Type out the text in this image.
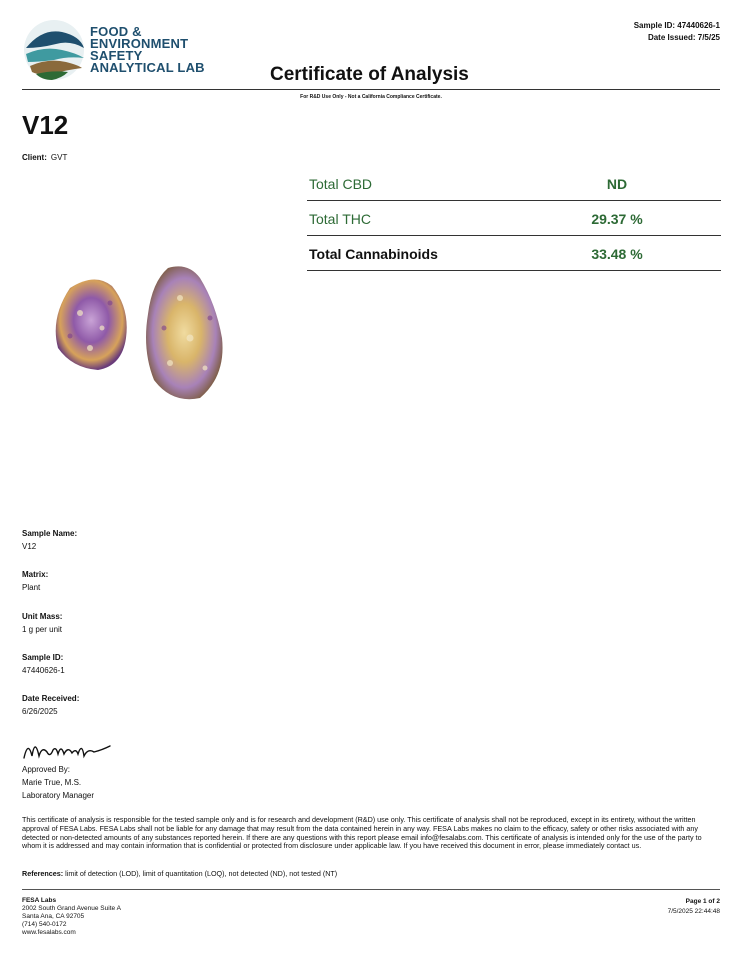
FOOD &
ENVIRONMENT
SAFETY
ANALYTICAL LAB
Sample ID: 47440626-1
Date Issued: 7/5/25
Certificate of Analysis
For R&D Use Only - Not a California Compliance Certificate.
V12
Client: GVT
Total CBD	ND
Total THC	29.37 %
Total Cannabinoids	33.48 %
Sample Name:
V12
Matrix:
Plant
Unit Mass:
1 g per unit
Sample ID:
47440626-1
Date Received:
6/26/2025
Approved By:
Marie True, M.S.
Laboratory Manager
This certificate of analysis is responsible for the tested sample only and is for research and development (R&D) use only. This certificate of analysis shall not be reproduced, except in its entirety, without the written approval of FESA Labs. FESA Labs shall not be liable for any damage that may result from the data contained herein in any way. FESA Labs makes no claim to the efficacy, safety or other risks associated with any detected or non-detected amounts of any substances reported herein. If there are any questions with this report please email info@fesalabs.com. This certificate of analysis is intended only for the use of the party to whom it is addressed and may contain information that is confidential or protected from disclosure under applicable law. If you have received this document in error, please immediately contact us.
References: limit of detection (LOD), limit of quantitation (LOQ), not detected (ND), not tested (NT)
FESA Labs
2002 South Grand Avenue Suite A
Santa Ana, CA 92705
(714) 540-0172
www.fesalabs.com
Page 1 of 2
7/5/2025 22:44:48
